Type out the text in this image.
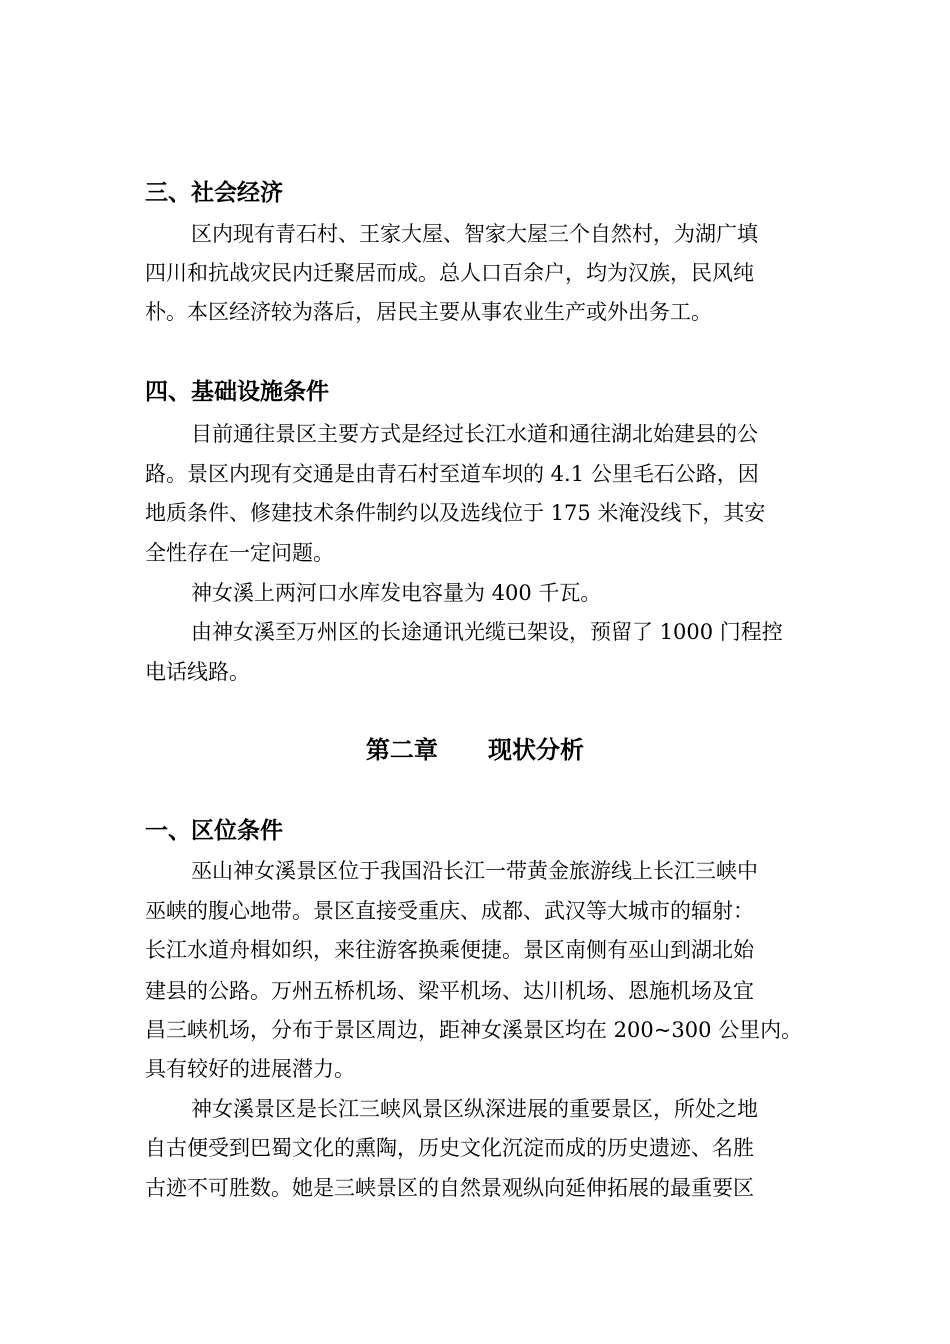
三、社会经济
区内现有青石村、王家大屋、智家大屋三个自然村，为湖广填
四川和抗战灾民内迁聚居而成。总人口百余户，均为汉族，民风纯
朴。本区经济较为落后，居民主要从事农业生产或外出务工。
四、基础设施条件
目前通往景区主要方式是经过长江水道和通往湖北始建县的公
路。景区内现有交通是由青石村至道车坝的 4.1 公里毛石公路，因
地质条件、修建技术条件制约以及选线位于 175 米淹没线下，其安
全性存在一定问题。
神女溪上两河口水库发电容量为 400 千瓦。
由神女溪至万州区的长途通讯光缆已架设，预留了 1000 门程控
电话线路。
第二章      现状分析
一、区位条件
巫山神女溪景区位于我国沿长江一带黄金旅游线上长江三峡中
巫峡的腹心地带。景区直接受重庆、成都、武汉等大城市的辐射：
长江水道舟楫如织，来往游客换乘便捷。景区南侧有巫山到湖北始
建县的公路。万州五桥机场、梁平机场、达川机场、恩施机场及宜
昌三峡机场，分布于景区周边，距神女溪景区均在 200~300 公里内。
具有较好的进展潜力。
神女溪景区是长江三峡风景区纵深进展的重要景区，所处之地
自古便受到巴蜀文化的熏陶，历史文化沉淀而成的历史遗迹、名胜
古迹不可胜数。她是三峡景区的自然景观纵向延伸拓展的最重要区
